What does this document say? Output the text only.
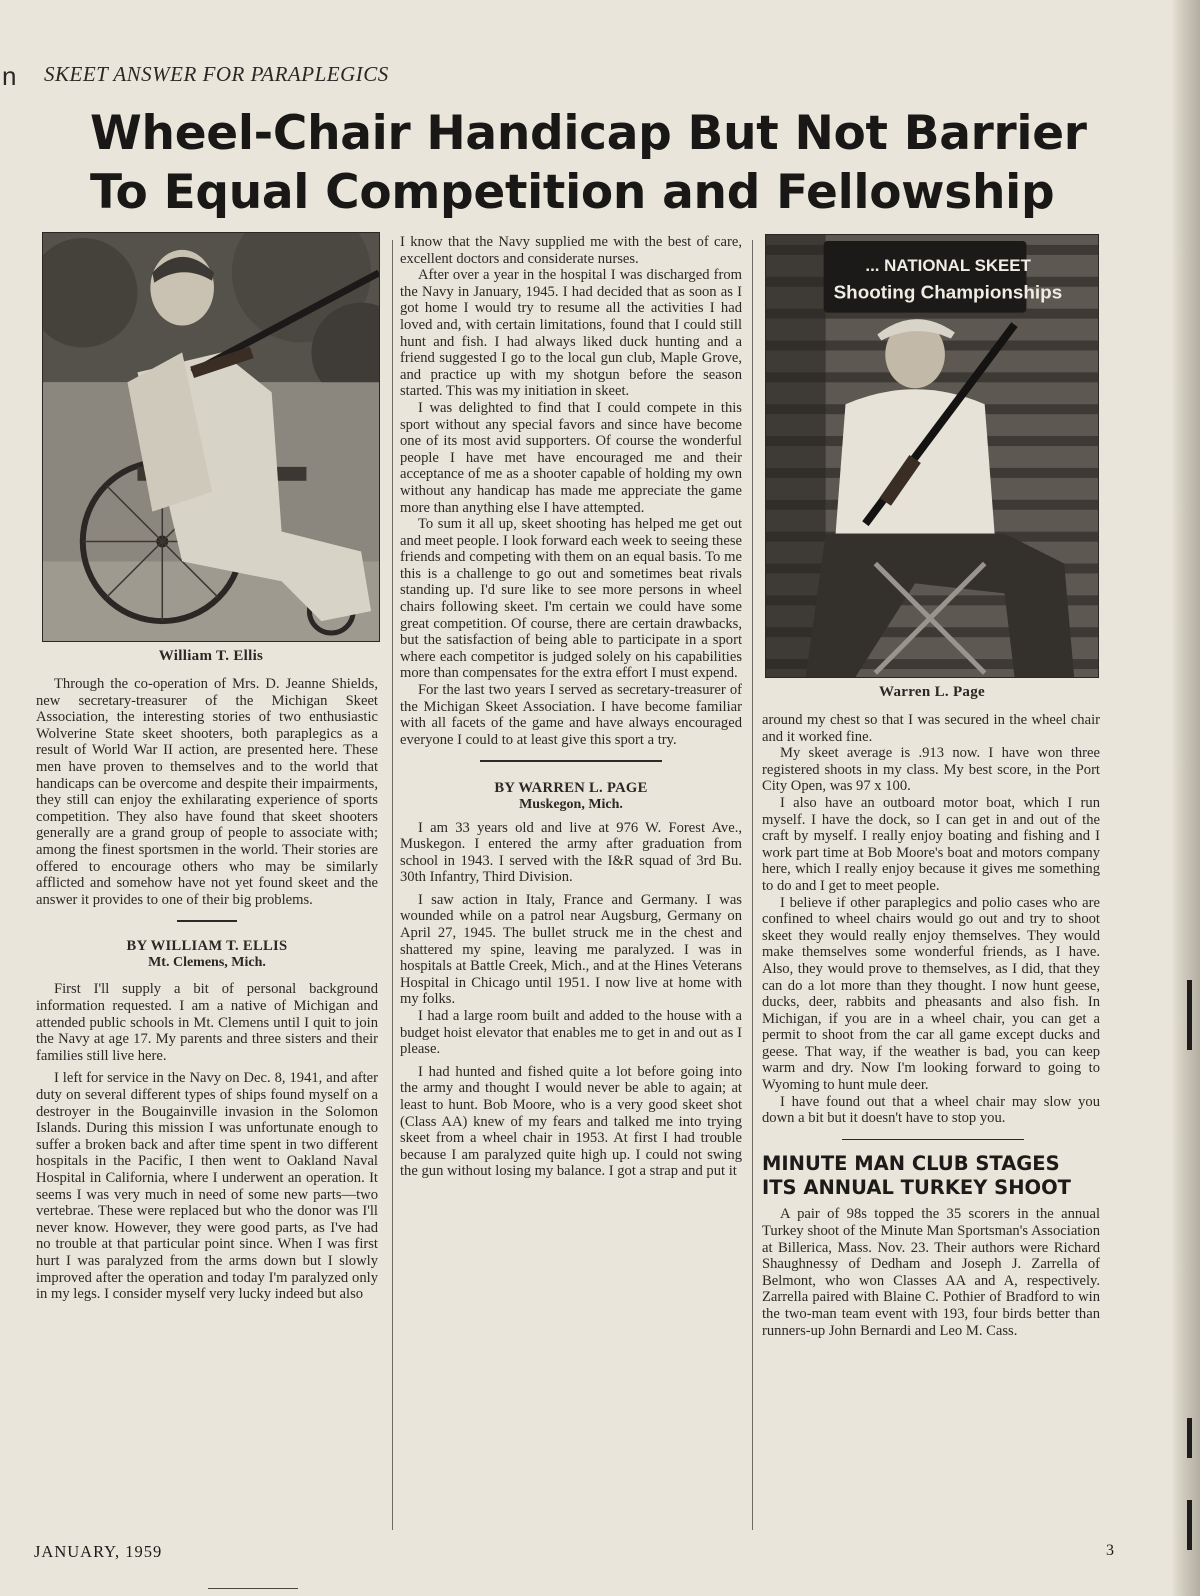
n SKEET ANSWER FOR PARAPLEGICS
Wheel-Chair Handicap But Not Barrier
To Equal Competition and Fellowship
William T. Ellis
... NATIONAL SKEET
Shooting Championships
Warren L. Page

Through the co-operation of Mrs. D. Jeanne Shields, new secretary-treasurer of the Michigan Skeet Association, the interesting stories of two enthusiastic Wolverine State skeet shooters, both paraplegics as a result of World War II action, are presented here. These men have proven to themselves and to the world that handicaps can be overcome and despite their impairments, they still can enjoy the exhilarating experience of sports competition. They also have found that skeet shooters generally are a grand group of people to associate with; among the finest sportsmen in the world. Their stories are offered to encourage others who may be similarly afflicted and somehow have not yet found skeet and the answer it provides to one of their big problems.

BY WILLIAM T. ELLIS
Mt. Clemens, Mich.

First I'll supply a bit of personal background information requested. I am a native of Michigan and attended public schools in Mt. Clemens until I quit to join the Navy at age 17. My parents and three sisters and their families still live here.

I left for service in the Navy on Dec. 8, 1941, and after duty on several different types of ships found myself on a destroyer in the Bougainville invasion in the Solomon Islands. During this mission I was unfortunate enough to suffer a broken back and after time spent in two different hospitals in the Pacific, I then went to Oakland Naval Hospital in California, where I underwent an operation. It seems I was very much in need of some new parts—two vertebrae. These were replaced but who the donor was I'll never know. However, they were good parts, as I've had no trouble at that particular point since. When I was first hurt I was paralyzed from the arms down but I slowly improved after the operation and today I'm paralyzed only in my legs. I consider myself very lucky indeed but also

I know that the Navy supplied me with the best of care, excellent doctors and considerate nurses.

After over a year in the hospital I was discharged from the Navy in January, 1945. I had decided that as soon as I got home I would try to resume all the activities I had loved and, with certain limitations, found that I could still hunt and fish. I had always liked duck hunting and a friend suggested I go to the local gun club, Maple Grove, and practice up with my shotgun before the season started. This was my initiation in skeet.

I was delighted to find that I could compete in this sport without any special favors and since have become one of its most avid supporters. Of course the wonderful people I have met have encouraged me and their acceptance of me as a shooter capable of holding my own without any handicap has made me appreciate the game more than anything else I have attempted.

To sum it all up, skeet shooting has helped me get out and meet people. I look forward each week to seeing these friends and competing with them on an equal basis. To me this is a challenge to go out and sometimes beat rivals standing up. I'd sure like to see more persons in wheel chairs following skeet. I'm certain we could have some great competition. Of course, there are certain drawbacks, but the satisfaction of being able to participate in a sport where each competitor is judged solely on his capabilities more than compensates for the extra effort I must expend.

For the last two years I served as secretary-treasurer of the Michigan Skeet Association. I have become familiar with all facets of the game and have always encouraged everyone I could to at least give this sport a try.

BY WARREN L. PAGE
Muskegon, Mich.

I am 33 years old and live at 976 W. Forest Ave., Muskegon. I entered the army after graduation from school in 1943. I served with the I&R squad of 3rd Bu. 30th Infantry, Third Division.

I saw action in Italy, France and Germany. I was wounded while on a patrol near Augsburg, Germany on April 27, 1945. The bullet struck me in the chest and shattered my spine, leaving me paralyzed. I was in hospitals at Battle Creek, Mich., and at the Hines Veterans Hospital in Chicago until 1951. I now live at home with my folks.

I had a large room built and added to the house with a budget hoist elevator that enables me to get in and out as I please.

I had hunted and fished quite a lot before going into the army and thought I would never be able to again; at least to hunt. Bob Moore, who is a very good skeet shot (Class AA) knew of my fears and talked me into trying skeet from a wheel chair in 1953. At first I had trouble because I am paralyzed quite high up. I could not swing the gun without losing my balance. I got a strap and put it

around my chest so that I was secured in the wheel chair and it worked fine.

My skeet average is .913 now. I have won three registered shoots in my class. My best score, in the Port City Open, was 97 x 100.

I also have an outboard motor boat, which I run myself. I have the dock, so I can get in and out of the craft by myself. I really enjoy boating and fishing and I work part time at Bob Moore's boat and motors company here, which I really enjoy because it gives me something to do and I get to meet people.

I believe if other paraplegics and polio cases who are confined to wheel chairs would go out and try to shoot skeet they would really enjoy themselves. They would make themselves some wonderful friends, as I have. Also, they would prove to themselves, as I did, that they can do a lot more than they thought. I now hunt geese, ducks, deer, rabbits and pheasants and also fish. In Michigan, if you are in a wheel chair, you can get a permit to shoot from the car all game except ducks and geese. That way, if the weather is bad, you can keep warm and dry. Now I'm looking forward to going to Wyoming to hunt mule deer.

I have found out that a wheel chair may slow you down a bit but it doesn't have to stop you.

MINUTE MAN CLUB STAGES ITS ANNUAL TURKEY SHOOT

A pair of 98s topped the 35 scorers in the annual Turkey shoot of the Minute Man Sportsman's Association at Billerica, Mass. Nov. 23. Their authors were Richard Shaughnessy of Dedham and Joseph J. Zarrella of Belmont, who won Classes AA and A, respectively. Zarrella paired with Blaine C. Pothier of Bradford to win the two-man team event with 193, four birds better than runners-up John Bernardi and Leo M. Cass.

JANUARY, 1959	3
